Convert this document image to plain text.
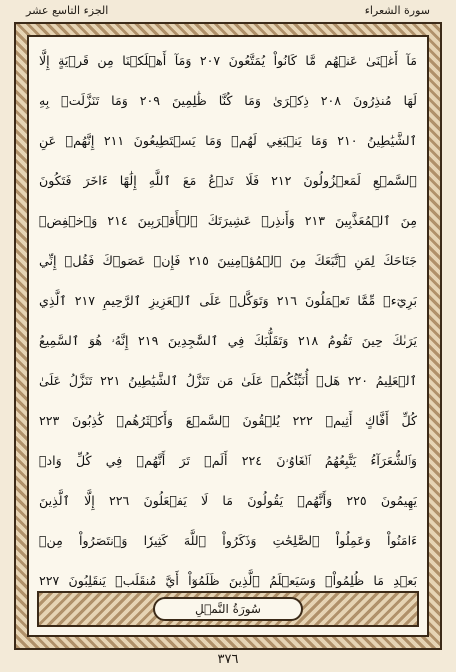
سورة الشعراء
الجزء التاسع عشر
مَآ أَغۡنَىٰ عَنۡهُم مَّا كَانُواْ يُمَتَّعُونَ ٢٠٧ وَمَآ أَهۡلَكۡنَا مِن قَرۡيَةٍ إِلَّا
لَهَا مُنذِرُونَ ٢٠٨ ذِكۡرَىٰ وَمَا كُنَّا ظَٰلِمِينَ ٢٠٩ وَمَا تَنَزَّلَتۡ بِهِ
ٱلشَّيَٰطِينُ ٢١٠ وَمَا يَنۢبَغِي لَهُمۡ وَمَا يَسۡتَطِيعُونَ ٢١١ إِنَّهُمۡ عَنِ
ٱلسَّمۡعِ لَمَعۡزُولُونَ ٢١٢ فَلَا تَدۡعُ مَعَ ٱللَّهِ إِلَٰهًا ءَاخَرَ فَتَكُونَ
مِنَ ٱلۡمُعَذَّبِينَ ٢١٣ وَأَنذِرۡ عَشِيرَتَكَ ٱلۡأَقۡرَبِينَ ٢١٤ وَٱخۡفِضۡ
جَنَاحَكَ لِمَنِ ٱتَّبَعَكَ مِنَ ٱلۡمُؤۡمِنِينَ ٢١٥ فَإِنۡ عَصَوۡكَ فَقُلۡ إِنِّي
بَرِيٓءٞ مِّمَّا تَعۡمَلُونَ ٢١٦ وَتَوَكَّلۡ عَلَى ٱلۡعَزِيزِ ٱلرَّحِيمِ ٢١٧ ٱلَّذِي
يَرَىٰكَ حِينَ تَقُومُ ٢١٨ وَتَقَلُّبَكَ فِي ٱلسَّٰجِدِينَ ٢١٩ إِنَّهُۥ هُوَ ٱلسَّمِيعُ
ٱلۡعَلِيمُ ٢٢٠ هَلۡ أُنَبِّئُكُمۡ عَلَىٰ مَن تَنَزَّلُ ٱلشَّيَٰطِينُ ٢٢١ تَنَزَّلُ عَلَىٰ
كُلِّ أَفَّاكٍ أَثِيمٖ ٢٢٢ يُلۡقُونَ ٱلسَّمۡعَ وَأَكۡثَرُهُمۡ كَٰذِبُونَ ٢٢٣
وَٱلشُّعَرَآءُ يَتَّبِعُهُمُ ٱلۡغَاوُۥنَ ٢٢٤ أَلَمۡ تَرَ أَنَّهُمۡ فِي كُلِّ وَادٖ
يَهِيمُونَ ٢٢٥ وَأَنَّهُمۡ يَقُولُونَ مَا لَا يَفۡعَلُونَ ٢٢٦ إِلَّا ٱلَّذِينَ
ءَامَنُواْ وَعَمِلُواْ ٱلصَّٰلِحَٰتِ وَذَكَرُواْ ٱللَّهَ كَثِيرٗا وَٱنتَصَرُواْ مِنۢ
بَعۡدِ مَا ظُلِمُواْۗ وَسَيَعۡلَمُ ٱلَّذِينَ ظَلَمُوٓاْ أَيَّ مُنقَلَبٖ يَنقَلِبُونَ ٢٢٧
سُورَةُ النَّمۡلِ
٣٧٦
